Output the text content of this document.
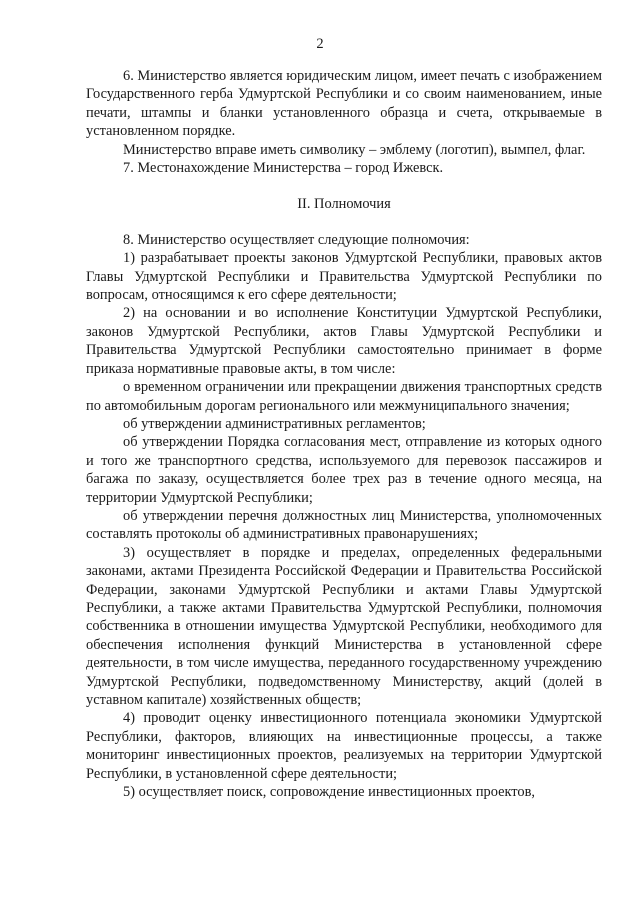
2

6. Министерство является юридическим лицом, имеет печать с изображением Государственного герба Удмуртской Республики и со своим наименованием, иные печати, штампы и бланки установленного образца и счета, открываемые в установленном порядке.

Министерство вправе иметь символику – эмблему (логотип), вымпел, флаг.

7. Местонахождение Министерства – город Ижевск.

II. Полномочия

8. Министерство осуществляет следующие полномочия:

1) разрабатывает проекты законов Удмуртской Республики, правовых актов Главы Удмуртской Республики и Правительства Удмуртской Республики по вопросам, относящимся к его сфере деятельности;

2) на основании и во исполнение Конституции Удмуртской Республики, законов Удмуртской Республики, актов Главы Удмуртской Республики и Правительства Удмуртской Республики самостоятельно принимает в форме приказа нормативные правовые акты, в том числе:

о временном ограничении или прекращении движения транспортных средств по автомобильным дорогам регионального или межмуниципального значения;

об утверждении административных регламентов;

об утверждении Порядка согласования мест, отправление из которых одного и того же транспортного средства, используемого для перевозок пассажиров и багажа по заказу, осуществляется более трех раз в течение одного месяца, на территории Удмуртской Республики;

об утверждении перечня должностных лиц Министерства, уполномоченных составлять протоколы об административных правонарушениях;

3) осуществляет в порядке и пределах, определенных федеральными законами, актами Президента Российской Федерации и Правительства Российской Федерации, законами Удмуртской Республики и актами Главы Удмуртской Республики, а также актами Правительства Удмуртской Республики, полномочия собственника в отношении имущества Удмуртской Республики, необходимого для обеспечения исполнения функций Министерства в установленной сфере деятельности, в том числе имущества, переданного государственному учреждению Удмуртской Республики, подведомственному Министерству, акций (долей в уставном капитале) хозяйственных обществ;

4) проводит оценку инвестиционного потенциала экономики Удмуртской Республики, факторов, влияющих на инвестиционные процессы, а также мониторинг инвестиционных проектов, реализуемых на территории Удмуртской Республики, в установленной сфере деятельности;

5) осуществляет поиск, сопровождение инвестиционных проектов,
